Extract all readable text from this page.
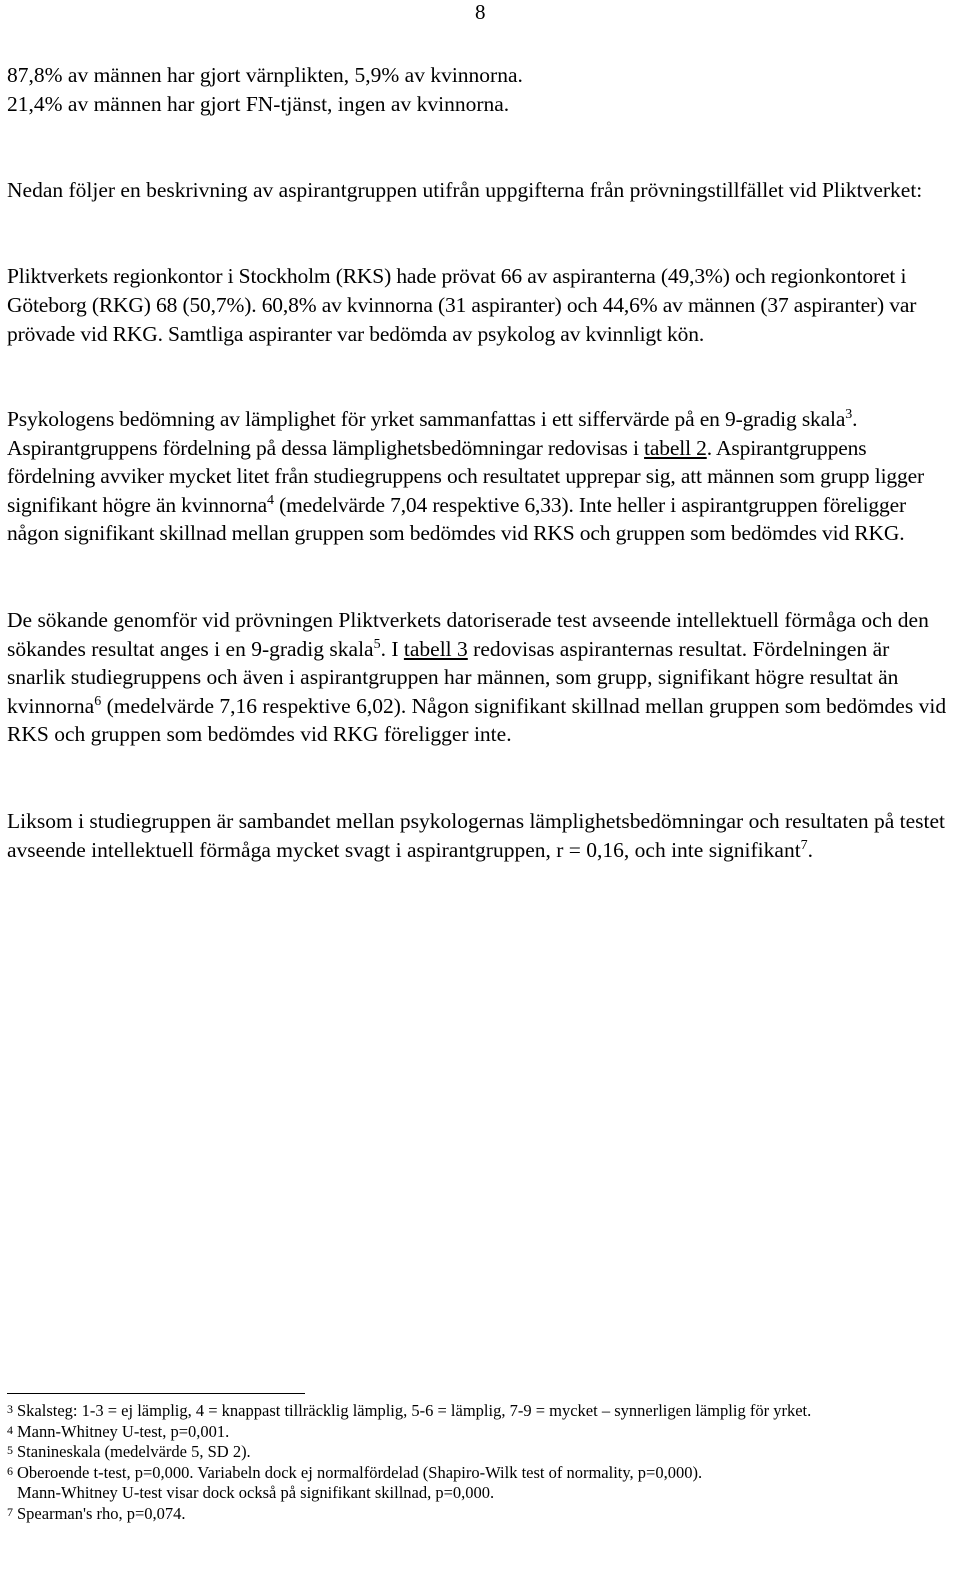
8

87,8% av männen har gjort värnplikten, 5,9% av kvinnorna.

21,4% av männen har gjort FN-tjänst, ingen av kvinnorna.

Nedan följer en beskrivning av aspirantgruppen utifrån uppgifterna från prövningstillfället vid Pliktverket:

Pliktverkets regionkontor i Stockholm (RKS) hade prövat 66 av aspiranterna (49,3%) och regionkontoret i Göteborg (RKG) 68 (50,7%). 60,8% av kvinnorna (31 aspiranter) och 44,6% av männen (37 aspiranter) var prövade vid RKG. Samtliga aspiranter var bedömda av psykolog av kvinnligt kön.

Psykologens bedömning av lämplighet för yrket sammanfattas i ett siffervärde på en 9-gradig skala$^3$. Aspirantgruppens fördelning på dessa lämplighetsbedömningar redovisas i tabell 2. Aspirantgruppens fördelning avviker mycket litet från studiegruppens och resultatet upprepar sig, att männen som grupp ligger signifikant högre än kvinnorna$^4$ (medelvärde 7,04 respektive 6,33). Inte heller i aspirantgruppen föreligger någon signifikant skillnad mellan gruppen som bedömdes vid RKS och gruppen som bedömdes vid RKG.

De sökande genomför vid prövningen Pliktverkets datoriserade test avseende intellektuell förmåga och den sökandes resultat anges i en 9-gradig skala$^5$. I tabell 3 redovisas aspiranternas resultat. Fördelningen är snarlik studiegruppens och även i aspirantgruppen har männen, som grupp, signifikant högre resultat än kvinnorna$^6$ (medelvärde 7,16 respektive 6,02). Någon signifikant skillnad mellan gruppen som bedömdes vid RKS och gruppen som bedömdes vid RKG föreligger inte.

Liksom i studiegruppen är sambandet mellan psykologernas lämplighetsbedömningar och resultaten på testet avseende intellektuell förmåga mycket svagt i aspirantgruppen, r = 0,16, och inte signifikant$^7$.

3 Skalsteg: 1-3 = ej lämplig, 4 = knappast tillräcklig lämplig, 5-6 = lämplig, 7-9 = mycket – synnerligen lämplig för yrket.

4 Mann-Whitney U-test, p=0,001.

5 Stanineskala (medelvärde 5, SD 2).

6 Oberoende t-test, p=0,000. Variabeln dock ej normalfördelad (Shapiro-Wilk test of normality, p=0,000).
Mann-Whitney U-test visar dock också på signifikant skillnad, p=0,000.

7 Spearman's rho, p=0,074.
